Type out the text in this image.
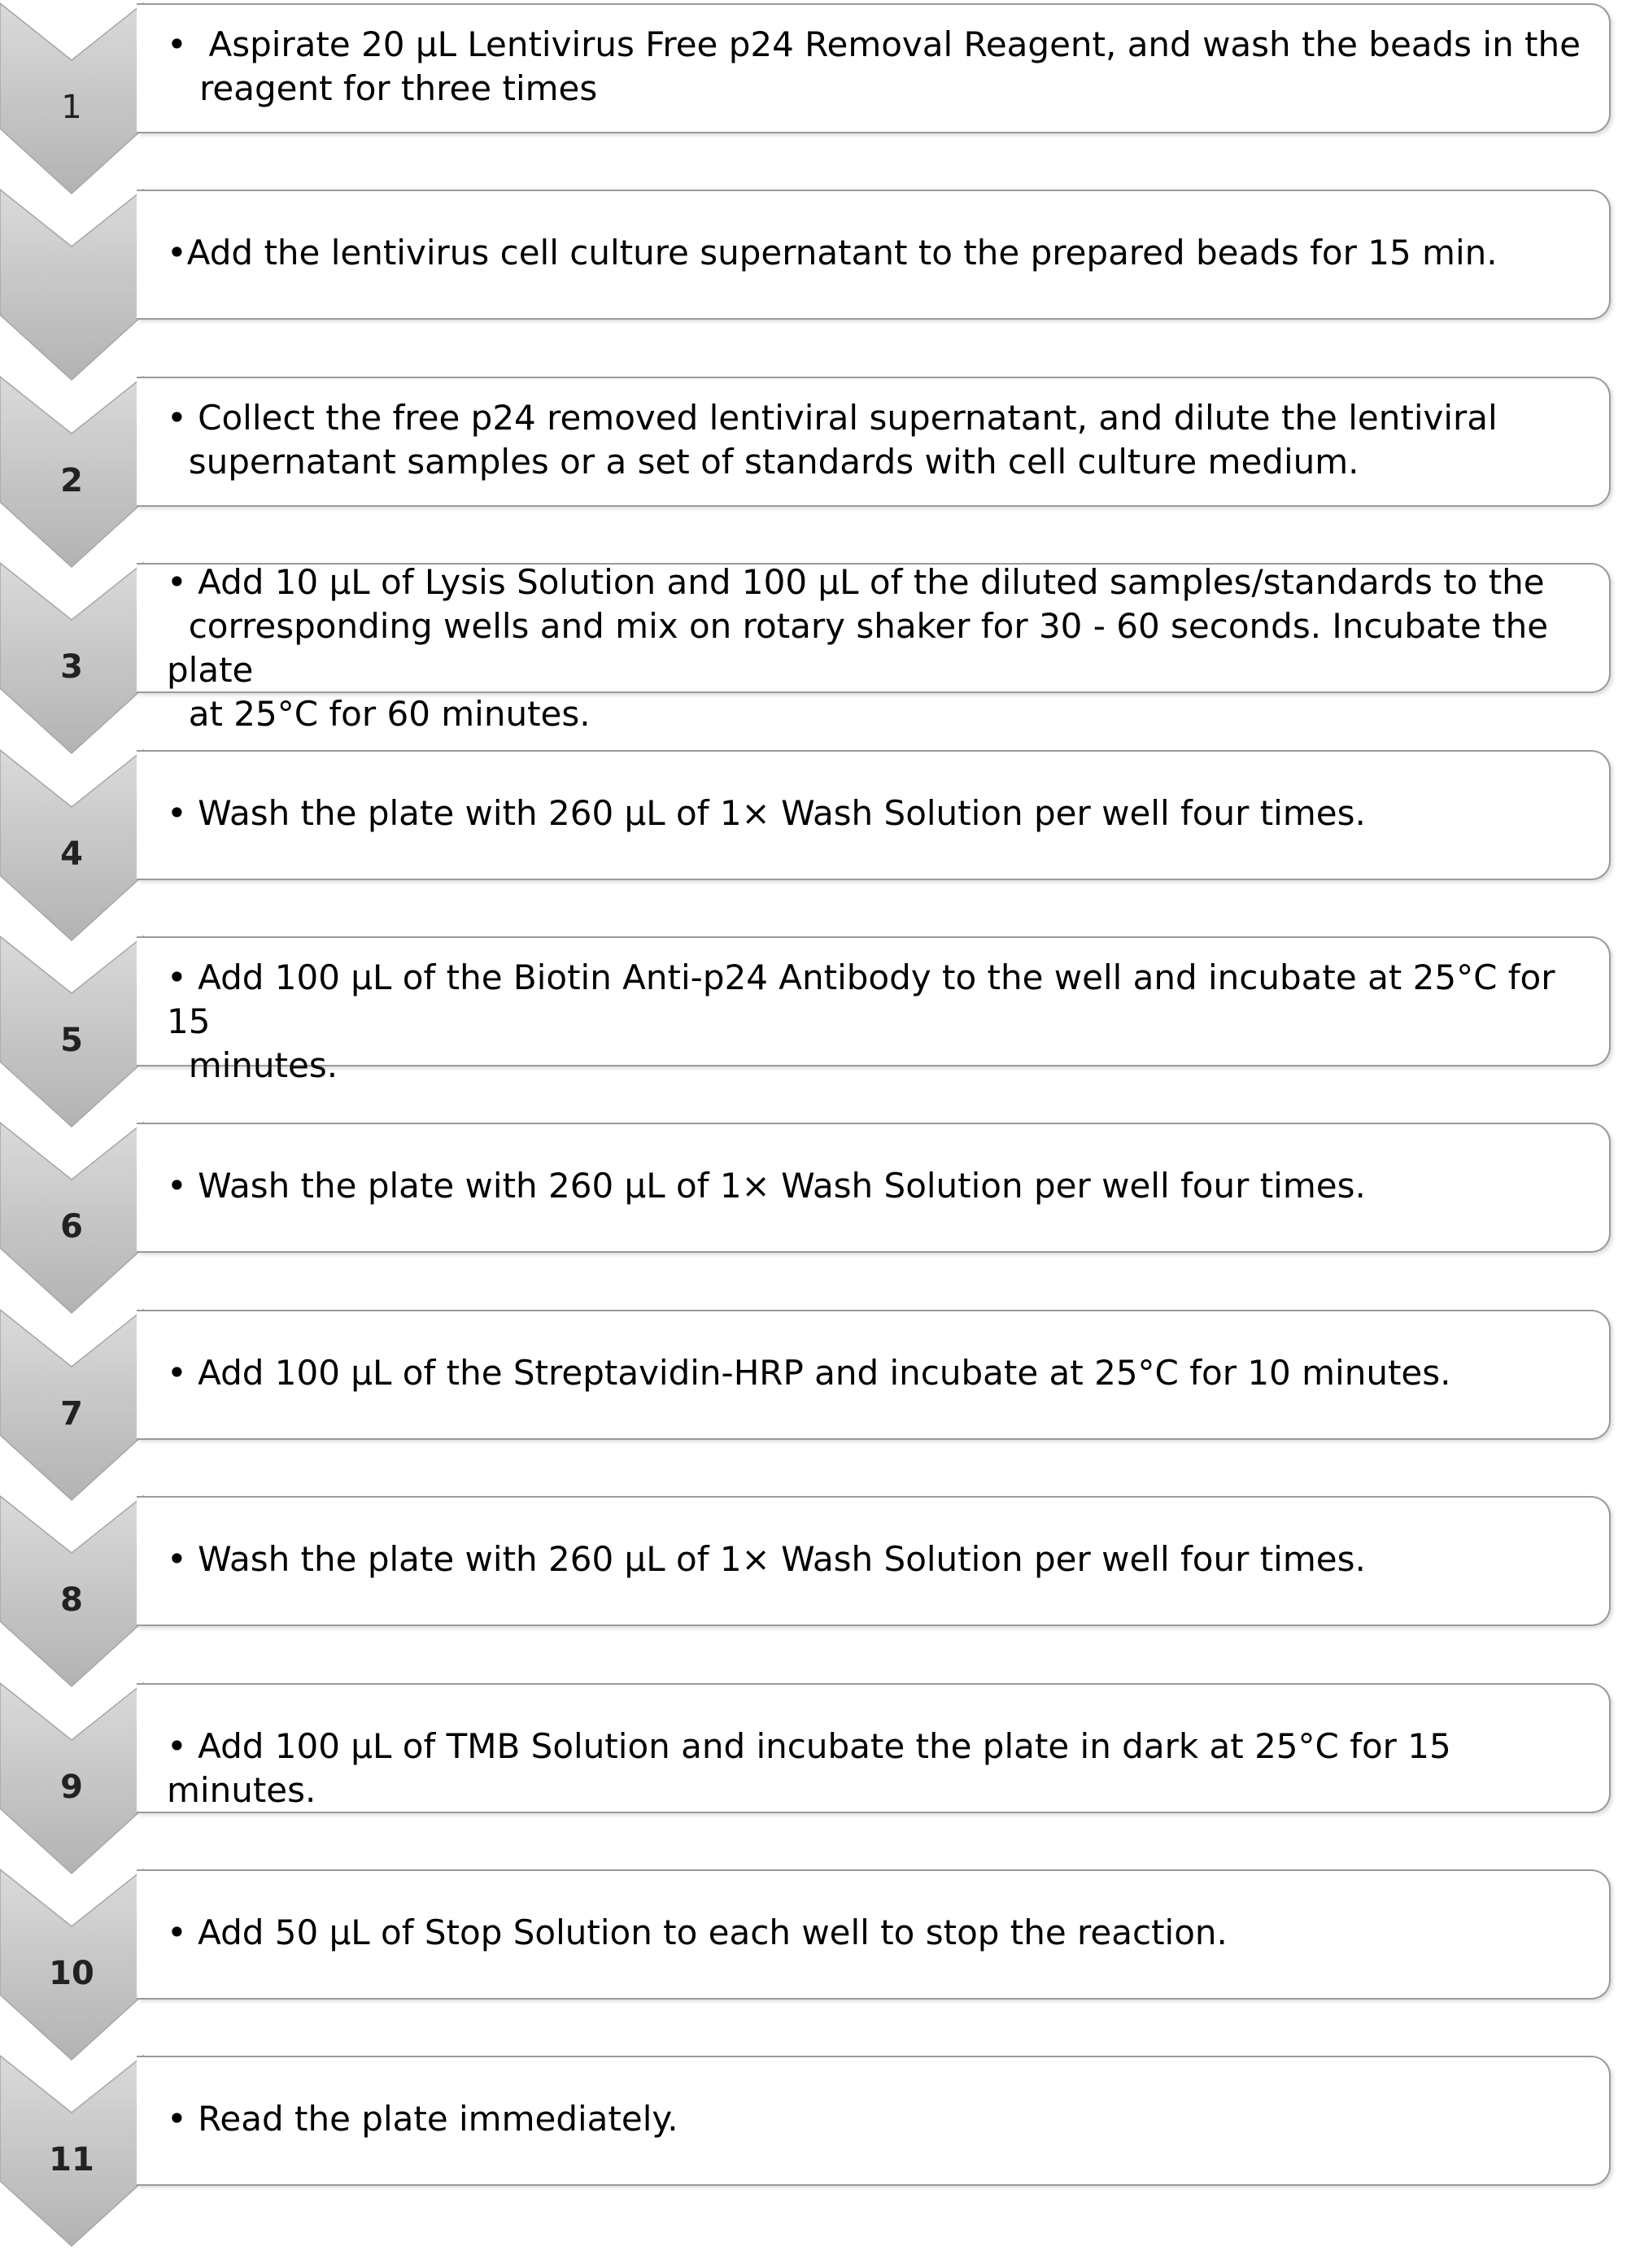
1
•  Aspirate 20 μL Lentivirus Free p24 Removal Reagent, and wash the beads in the
reagent for three times
•Add the lentivirus cell culture supernatant to the prepared beads for 15 min.
2
• Collect the free p24 removed lentiviral supernatant, and dilute the lentiviral
supernatant samples or a set of standards with cell culture medium.
3
• Add 10 μL of Lysis Solution and 100 μL of the diluted samples/standards to the
corresponding wells and mix on rotary shaker for 30 - 60 seconds. Incubate the plate
at 25°C for 60 minutes.
4
• Wash the plate with 260 μL of 1× Wash Solution per well four times.
5
• Add 100 μL of the Biotin Anti-p24 Antibody to the well and incubate at 25°C for 15
minutes.
6
• Wash the plate with 260 μL of 1× Wash Solution per well four times.
7
• Add 100 μL of the Streptavidin-HRP and incubate at 25°C for 10 minutes.
8
• Wash the plate with 260 μL of 1× Wash Solution per well four times.
9
• Add 100 μL of TMB Solution and incubate the plate in dark at 25°C for 15 minutes.
10
• Add 50 μL of Stop Solution to each well to stop the reaction.
11
• Read the plate immediately.
